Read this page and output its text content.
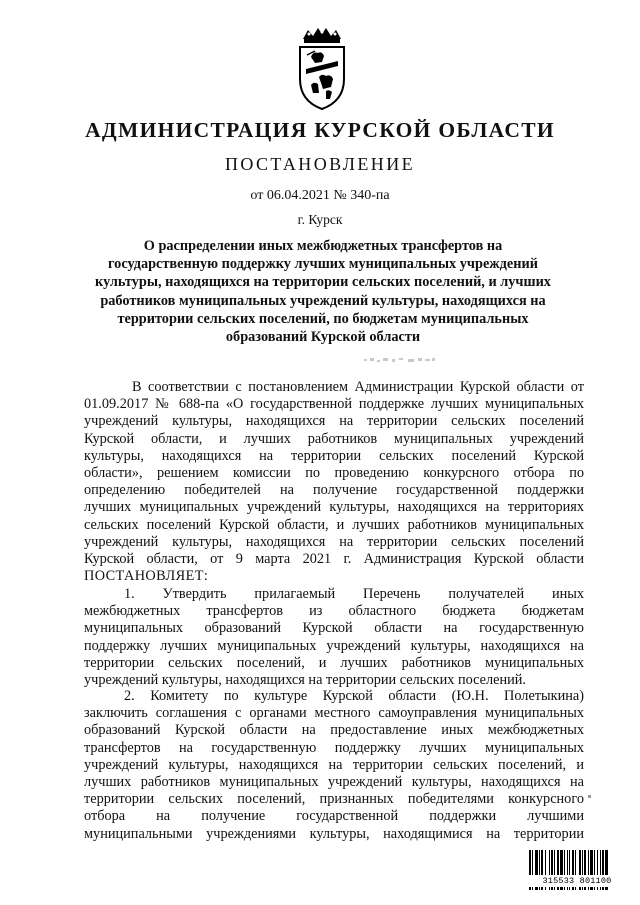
АДМИНИСТРАЦИЯ КУРСКОЙ ОБЛАСТИ
ПОСТАНОВЛЕНИЕ
от 06.04.2021 № 340-па
г. Курск
О распределении иных межбюджетных трансфертов на
государственную поддержку лучших муниципальных учреждений
культуры, находящихся на территории сельских поселений, и лучших
работников муниципальных учреждений культуры, находящихся на
территории сельских поселений, по бюджетам муниципальных
образований Курской области
В соответствии с постановлением Администрации Курской области от
01.09.2017 № 688-па «О государственной поддержке лучших муниципальных
учреждений культуры, находящихся на территории сельских поселений
Курской области, и лучших работников муниципальных учреждений
культуры, находящихся на территории сельских поселений Курской
области», решением комиссии по проведению конкурсного отбора по
определению победителей на получение государственной поддержки
лучших муниципальных учреждений культуры, находящихся на территориях
сельских поселений Курской области, и лучших работников муниципальных
учреждений культуры, находящихся на территории сельских поселений
Курской области, от 9 марта 2021 г. Администрация Курской области
ПОСТАНОВЛЯЕТ:
1. Утвердить прилагаемый Перечень получателей иных
межбюджетных трансфертов из областного бюджета бюджетам
муниципальных образований Курской области на государственную
поддержку лучших муниципальных учреждений культуры, находящихся на
территории сельских поселений, и лучших работников муниципальных
учреждений культуры, находящихся на территории сельских поселений.
2. Комитету по культуре Курской области (Ю.Н. Полетыкина)
заключить соглашения с органами местного самоуправления муниципальных
образований Курской области на предоставление иных межбюджетных
трансфертов на государственную поддержку лучших муниципальных
учреждений культуры, находящихся на территории сельских поселений, и
лучших работников муниципальных учреждений культуры, находящихся на
территории сельских поселений, признанных победителями конкурсного
отбора на получение государственной поддержки лучшими
муниципальными учреждениями культуры, находящимися на территории
315533 801100
